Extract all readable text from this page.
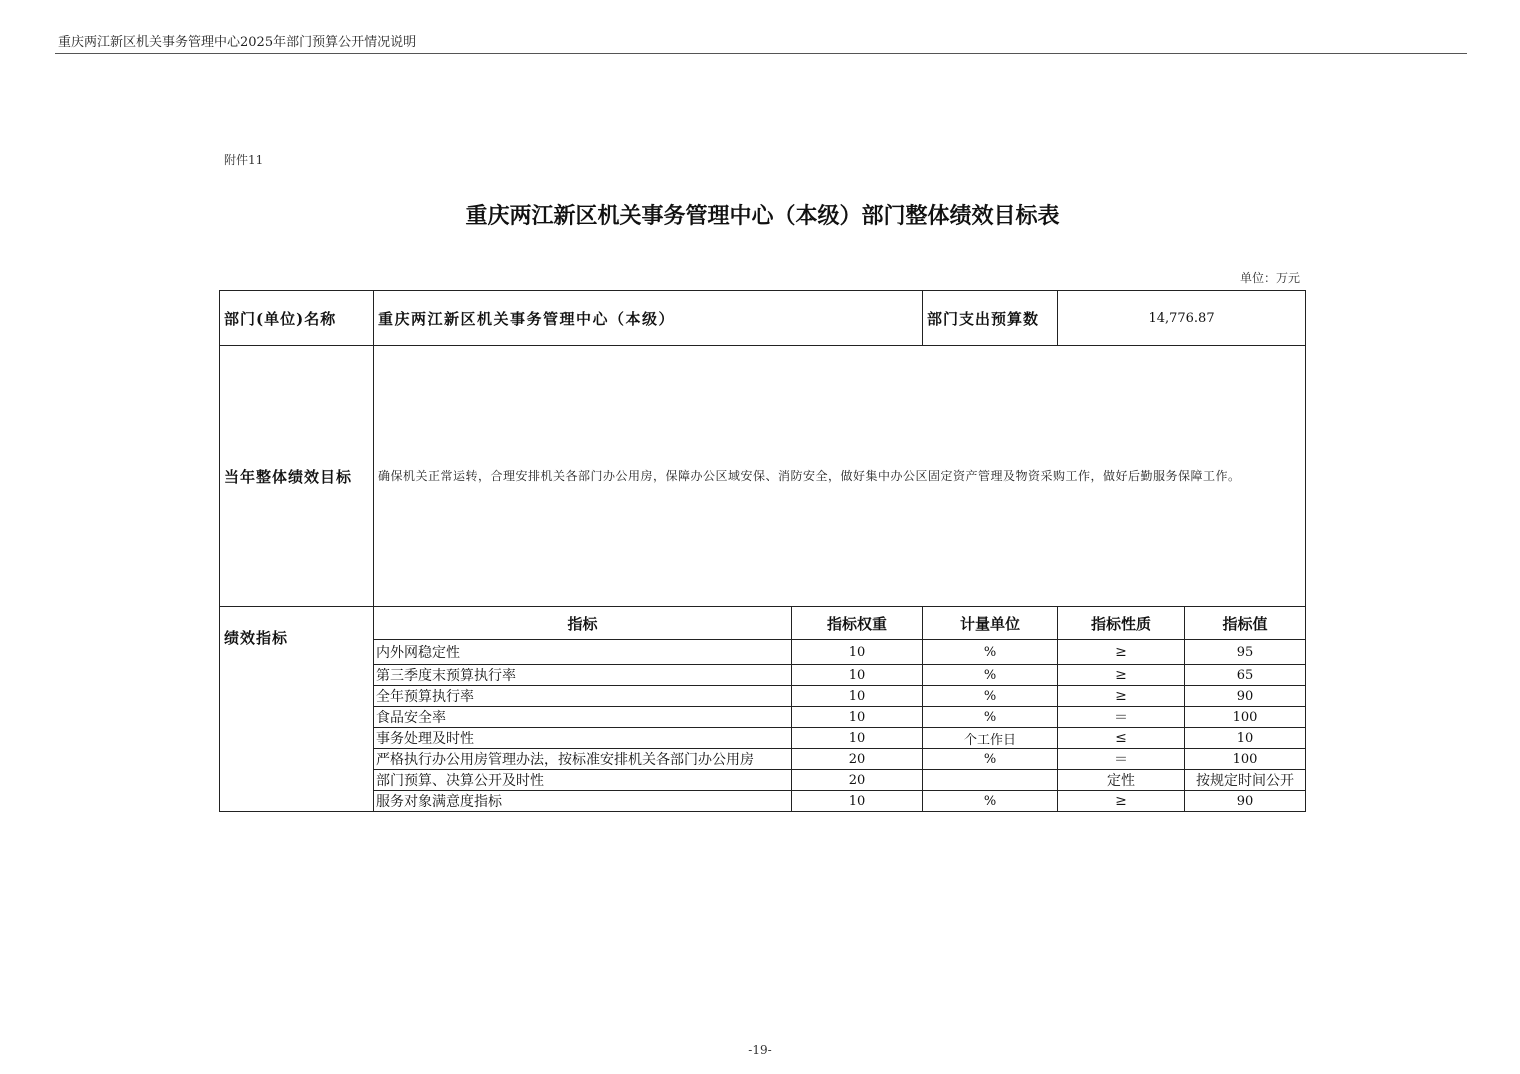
重庆两江新区机关事务管理中心2025年部门预算公开情况说明
附件11
重庆两江新区机关事务管理中心（本级）部门整体绩效目标表
单位：万元
部门(单位)名称	重庆两江新区机关事务管理中心（本级）		部门支出预算数	14,776.87	
当年整体绩效目标	确保机关正常运转，合理安排机关各部门办公用房，保障办公区域安保、消防安全，做好集中办公区固定资产管理及物资采购工作，做好后勤服务保障工作。				
绩效指标	指标	指标权重	计量单位	指标性质	指标值
	内外网稳定性	10	%	≥	95
	第三季度末预算执行率	10	%	≥	65
	全年预算执行率	10	%	≥	90
	食品安全率	10	%	＝	100
	事务处理及时性	10	个工作日	≤	10
	严格执行办公用房管理办法，按标准安排机关各部门办公用房	20	%	＝	100
	部门预算、决算公开及时性	20		定性	按规定时间公开
	服务对象满意度指标	10	%	≥	90
-19-
